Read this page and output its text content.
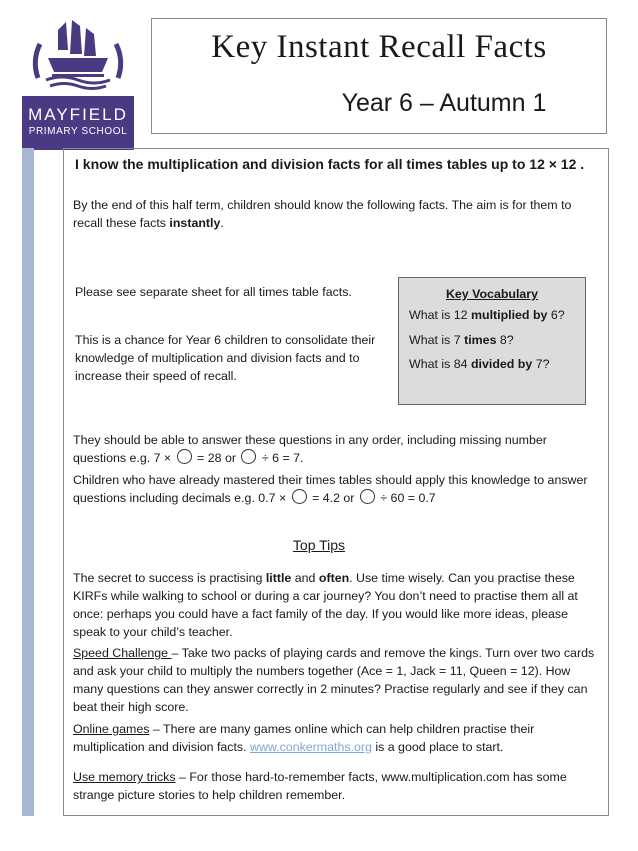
MAYFIELD
PRIMARY SCHOOL
Key Instant Recall Facts
Year 6 – Autumn 1
I know the multiplication and division facts for all times tables up to 12 × 12 .
By the end of this half term, children should know the following facts. The aim is for them to recall these facts instantly.
Please see separate sheet for all times table facts.
This is a chance for Year 6 children to consolidate their knowledge of multiplication and division facts and to increase their speed of recall.
Key Vocabulary
What is 12 multiplied by 6?
What is 7 times 8?
What is 84 divided by 7?
They should be able to answer these questions in any order, including missing number questions e.g. 7 ×  = 28 or  ÷ 6 = 7.
Children who have already mastered their times tables should apply this knowledge to answer questions including decimals e.g. 0.7 ×  = 4.2 or  ÷ 60 = 0.7
Top Tips
The secret to success is practising little and often. Use time wisely. Can you practise these KIRFs while walking to school or during a car journey? You don’t need to practise them all at once: perhaps you could have a fact family of the day. If you would like more ideas, please speak to your child’s teacher.
Speed Challenge – Take two packs of playing cards and remove the kings. Turn over two cards and ask your child to multiply the numbers together (Ace = 1, Jack = 11, Queen = 12). How many questions can they answer correctly in 2 minutes? Practise regularly and see if they can beat their high score.
Online games – There are many games online which can help children practise their multiplication and division facts. www.conkermaths.org is a good place to start.
Use memory tricks – For those hard-to-remember facts, www.multiplication.com has some strange picture stories to help children remember.
